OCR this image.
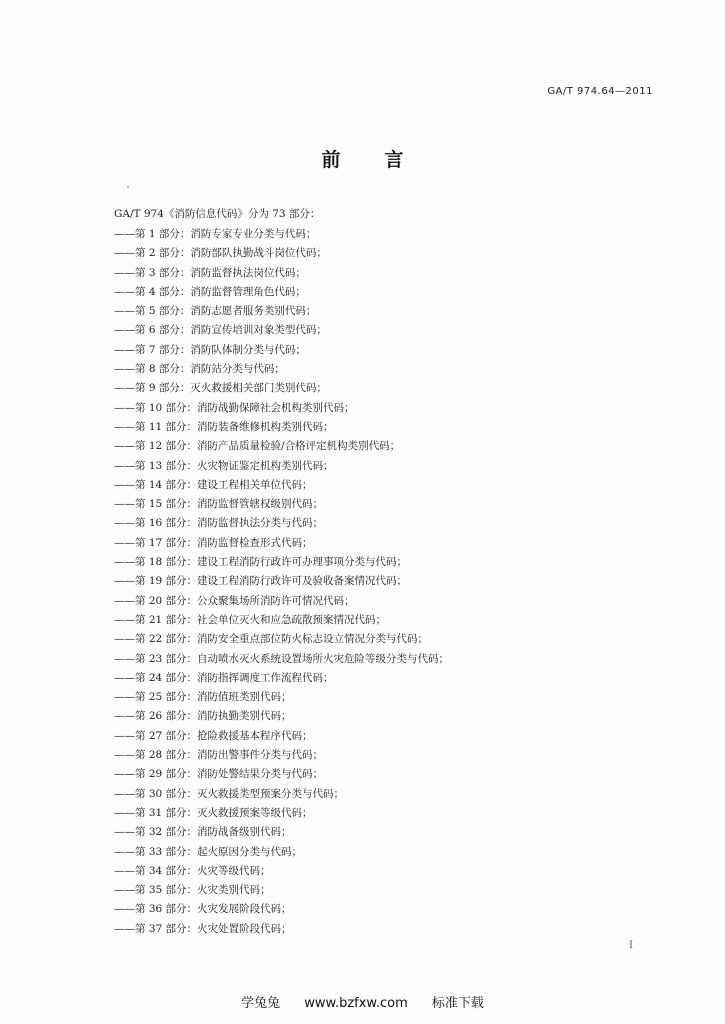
GA/T 974.64—2011
前言
GA/T 974《消防信息代码》分为 73 部分：
——第 1 部分：消防专家专业分类与代码；
——第 2 部分：消防部队执勤战斗岗位代码；
——第 3 部分：消防监督执法岗位代码；
——第 4 部分：消防监督管理角色代码；
——第 5 部分：消防志愿者服务类别代码；
——第 6 部分：消防宣传培训对象类型代码；
——第 7 部分：消防队体制分类与代码；
——第 8 部分：消防站分类与代码；
——第 9 部分：灭火救援相关部门类别代码；
——第 10 部分：消防战勤保障社会机构类别代码；
——第 11 部分：消防装备维修机构类别代码；
——第 12 部分：消防产品质量检验/合格评定机构类别代码；
——第 13 部分：火灾物证鉴定机构类别代码；
——第 14 部分：建设工程相关单位代码；
——第 15 部分：消防监督管辖权级别代码；
——第 16 部分：消防监督执法分类与代码；
——第 17 部分：消防监督检查形式代码；
——第 18 部分：建设工程消防行政许可办理事项分类与代码；
——第 19 部分：建设工程消防行政许可及验收备案情况代码；
——第 20 部分：公众聚集场所消防许可情况代码；
——第 21 部分：社会单位灭火和应急疏散预案情况代码；
——第 22 部分：消防安全重点部位防火标志设立情况分类与代码；
——第 23 部分：自动喷水灭火系统设置场所火灾危险等级分类与代码；
——第 24 部分：消防指挥调度工作流程代码；
——第 25 部分：消防值班类别代码；
——第 26 部分：消防执勤类别代码；
——第 27 部分：抢险救援基本程序代码；
——第 28 部分：消防出警事件分类与代码；
——第 29 部分：消防处警结果分类与代码；
——第 30 部分：灭火救援类型预案分类与代码；
——第 31 部分：灭火救援预案等级代码；
——第 32 部分：消防战备级别代码；
——第 33 部分：起火原因分类与代码；
——第 34 部分：火灾等级代码；
——第 35 部分：火灾类别代码；
——第 36 部分：火灾发展阶段代码；
——第 37 部分：火灾处置阶段代码；
I
学兔兔 www.bzfxw.com 标准下载
